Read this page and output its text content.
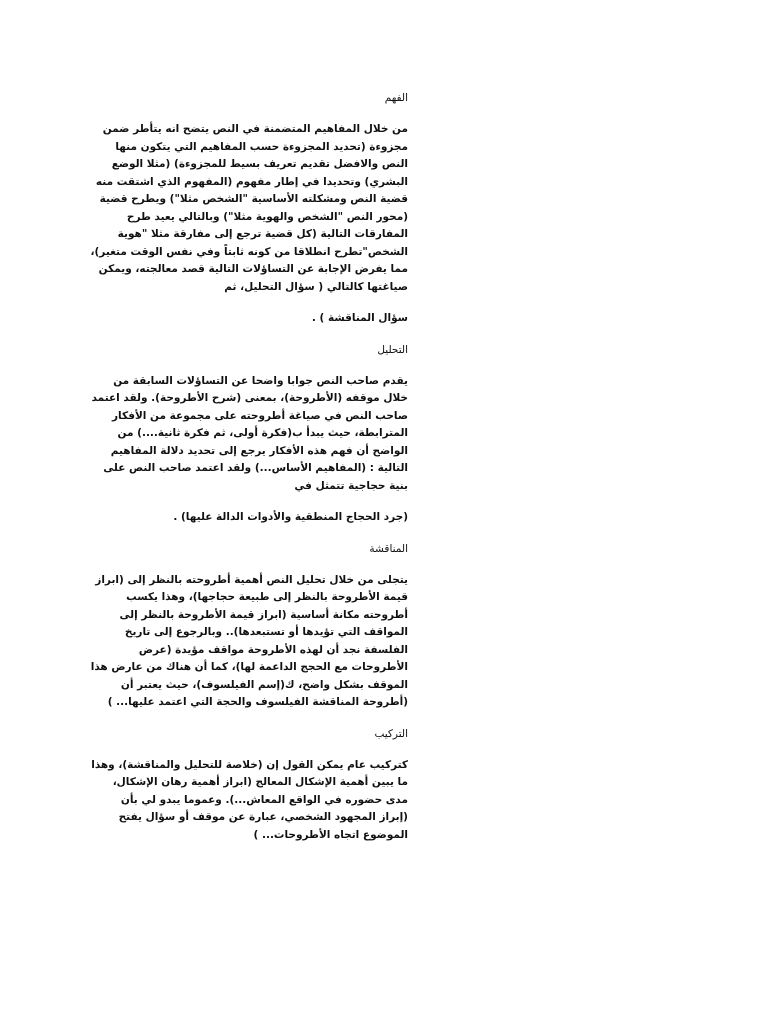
الفهم
من خلال المفاهيم المتضمنة في النص يتضح انه يتأطر ضمن مجزوءة (تحديد المجزوءة حسب المفاهيم التي يتكون منها النص والافضل تقديم تعريف بسيط للمجزوءة) (مثلا الوضع البشري) وتحديدا في إطار مفهوم (المفهوم الذي اشتقت منه قضية النص ومشكلته الأساسية "الشخص مثلا") ويطرح قضية (محور النص "الشخص والهوية مثلا") وبالتالي يعيد طرح المفارقات التالية (كل قضية ترجع إلى مفارقة مثلا "هوية الشخص"تطرح انطلاقا من كونه ثابتاً وفي نفس الوقت متغير)، مما يفرض الإجابة عن التساؤلات التالية قصد معالجته، ويمكن صياغتها كالتالي ( سؤال التحليل، ثم
سؤال المناقشة ) .
التحليل
يقدم صاحب النص جوابا واضحا عن التساؤلات السابقة من خلال موقفه (الأطروحة)، بمعنى (شرح الأطروحة). ولقد اعتمد صاحب النص في صياغة أطروحته على مجموعة من الأفكار المترابطة، حيث يبدأ ب(فكرة أولى، ثم فكرة ثانية....) من الواضح أن فهم هذه الأفكار يرجع إلى تحديد دلالة المفاهيم التالية : (المفاهيم الأساس...) ولقد اعتمد صاحب النص على بنية حجاجية تتمثل في
(جرد الحجاج المنطقية والأدوات الدالة عليها) .
المناقشة
يتجلى من خلال تحليل النص أهمية أطروحته بالنظر إلى (ابراز قيمة الأطروحة بالنظر إلى طبيعة حجاجها)، وهذا يكسب أطروحته مكانة أساسية (ابراز قيمة الأطروحة بالنظر إلى المواقف التي تؤيدها أو تستبعدها).. وبالرجوع إلى تاريخ الفلسفة نجد أن لهذه الأطروحة مواقف مؤيدة (عرض الأطروحات مع الحجج الداعمة لها)، كما أن هناك من عارض هذا الموقف بشكل واضح، ك(إسم الفيلسوف)، حيث يعتبر أن (أطروحة المناقشة الفيلسوف والحجة التي اعتمد عليها... )
التركيب
كتركيب عام يمكن القول إن (خلاصة للتحليل والمناقشة)، وهذا ما يبين أهمية الإشكال المعالج (ابراز أهمية رهان الإشكال، مدى حضوره في الواقع المعاش...). وعموما يبدو لي بأن (إبراز المجهود الشخصي، عبارة عن موقف أو سؤال يفتح الموضوع اتجاه الأطروحات... )
